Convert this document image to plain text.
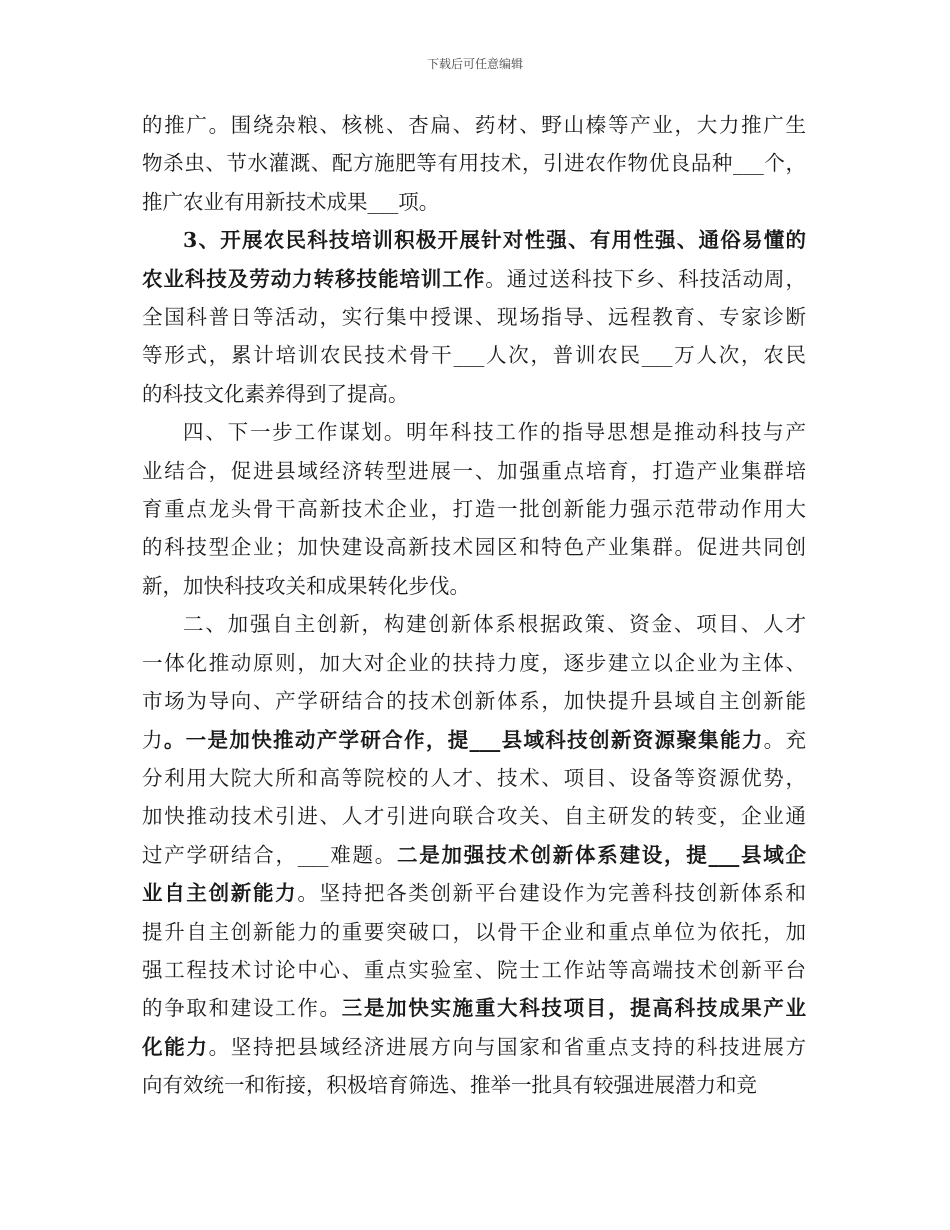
下载后可任意编辑
的推广。围绕杂粮、核桃、杏扁、药材、野山榛等产业，大力推广生
物杀虫、节水灌溉、配方施肥等有用技术，引进农作物优良品种___个，
推广农业有用新技术成果___项。
3、开展农民科技培训积极开展针对性强、有用性强、通俗易懂的
农业科技及劳动力转移技能培训工作。通过送科技下乡、科技活动周，
全国科普日等活动，实行集中授课、现场指导、远程教育、专家诊断
等形式，累计培训农民技术骨干___人次，普训农民___万人次，农民
的科技文化素养得到了提高。
四、下一步工作谋划。明年科技工作的指导思想是推动科技与产
业结合，促进县域经济转型进展一、加强重点培育，打造产业集群培
育重点龙头骨干高新技术企业，打造一批创新能力强示范带动作用大
的科技型企业；加快建设高新技术园区和特色产业集群。促进共同创
新，加快科技攻关和成果转化步伐。
二、加强自主创新，构建创新体系根据政策、资金、项目、人才
一体化推动原则，加大对企业的扶持力度，逐步建立以企业为主体、
市场为导向、产学研结合的技术创新体系，加快提升县域自主创新能
力。一是加快推动产学研合作，提___县域科技创新资源聚集能力。充
分利用大院大所和高等院校的人才、技术、项目、设备等资源优势，
加快推动技术引进、人才引进向联合攻关、自主研发的转变，企业通
过产学研结合，___难题。二是加强技术创新体系建设，提___县域企
业自主创新能力。坚持把各类创新平台建设作为完善科技创新体系和
提升自主创新能力的重要突破口，以骨干企业和重点单位为依托，加
强工程技术讨论中心、重点实验室、院士工作站等高端技术创新平台
的争取和建设工作。三是加快实施重大科技项目，提高科技成果产业
化能力。坚持把县域经济进展方向与国家和省重点支持的科技进展方
向有效统一和衔接，积极培育筛选、推举一批具有较强进展潜力和竞
